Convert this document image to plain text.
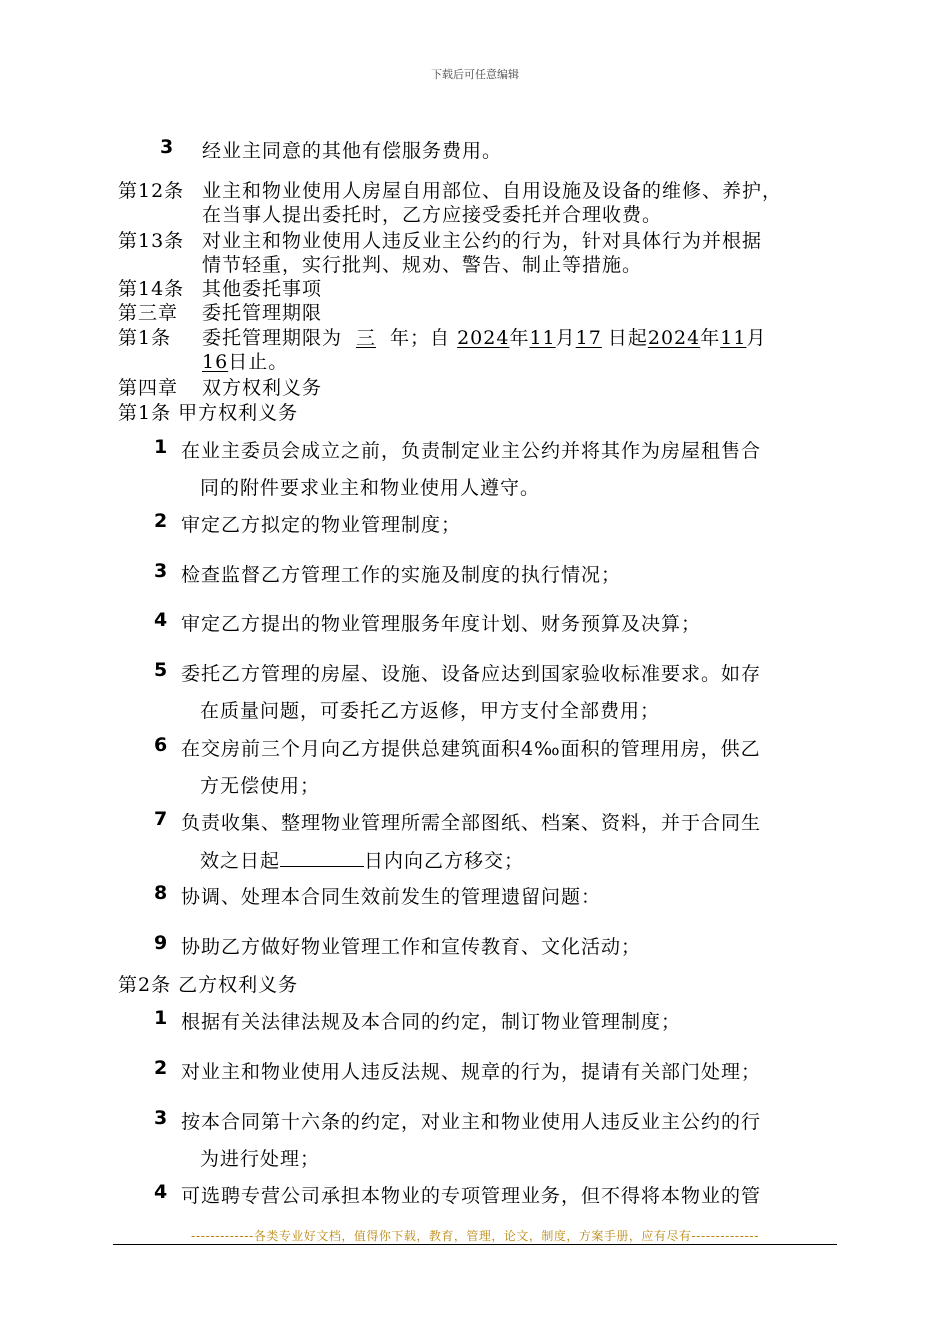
下载后可任意编辑
3 经业主同意的其他有偿服务费用。
第12条 业主和物业使用人房屋自用部位、自用设施及设备的维修、养护，
在当事人提出委托时，乙方应接受委托并合理收费。
第13条 对业主和物业使用人违反业主公约的行为，针对具体行为并根据
情节轻重，实行批判、规劝、警告、制止等措施。
第14条 其他委托事项
第三章 委托管理期限
第1条 委托管理期限为 三 年；自 2024年11月17 日起2024年11月
16日止。
第四章 双方权利义务
第1条 甲方权利义务
1 在业主委员会成立之前，负责制定业主公约并将其作为房屋租售合
同的附件要求业主和物业使用人遵守。
2 审定乙方拟定的物业管理制度；
3 检查监督乙方管理工作的实施及制度的执行情况；
4 审定乙方提出的物业管理服务年度计划、财务预算及决算；
5 委托乙方管理的房屋、设施、设备应达到国家验收标准要求。如存
在质量问题，可委托乙方返修，甲方支付全部费用；
6 在交房前三个月向乙方提供总建筑面积4‰面积的管理用房，供乙
方无偿使用；
7 负责收集、整理物业管理所需全部图纸、档案、资料，并于合同生
效之日起	日内向乙方移交；
8 协调、处理本合同生效前发生的管理遗留问题：
9 协助乙方做好物业管理工作和宣传教育、文化活动；
第2条 乙方权利义务
1 根据有关法律法规及本合同的约定，制订物业管理制度；
2 对业主和物业使用人违反法规、规章的行为，提请有关部门处理；
3 按本合同第十六条的约定，对业主和物业使用人违反业主公约的行
为进行处理；
4 可选聘专营公司承担本物业的专项管理业务，但不得将本物业的管
-------------各类专业好文档，值得你下载，教育，管理，论文，制度，方案手册，应有尽有--------------
